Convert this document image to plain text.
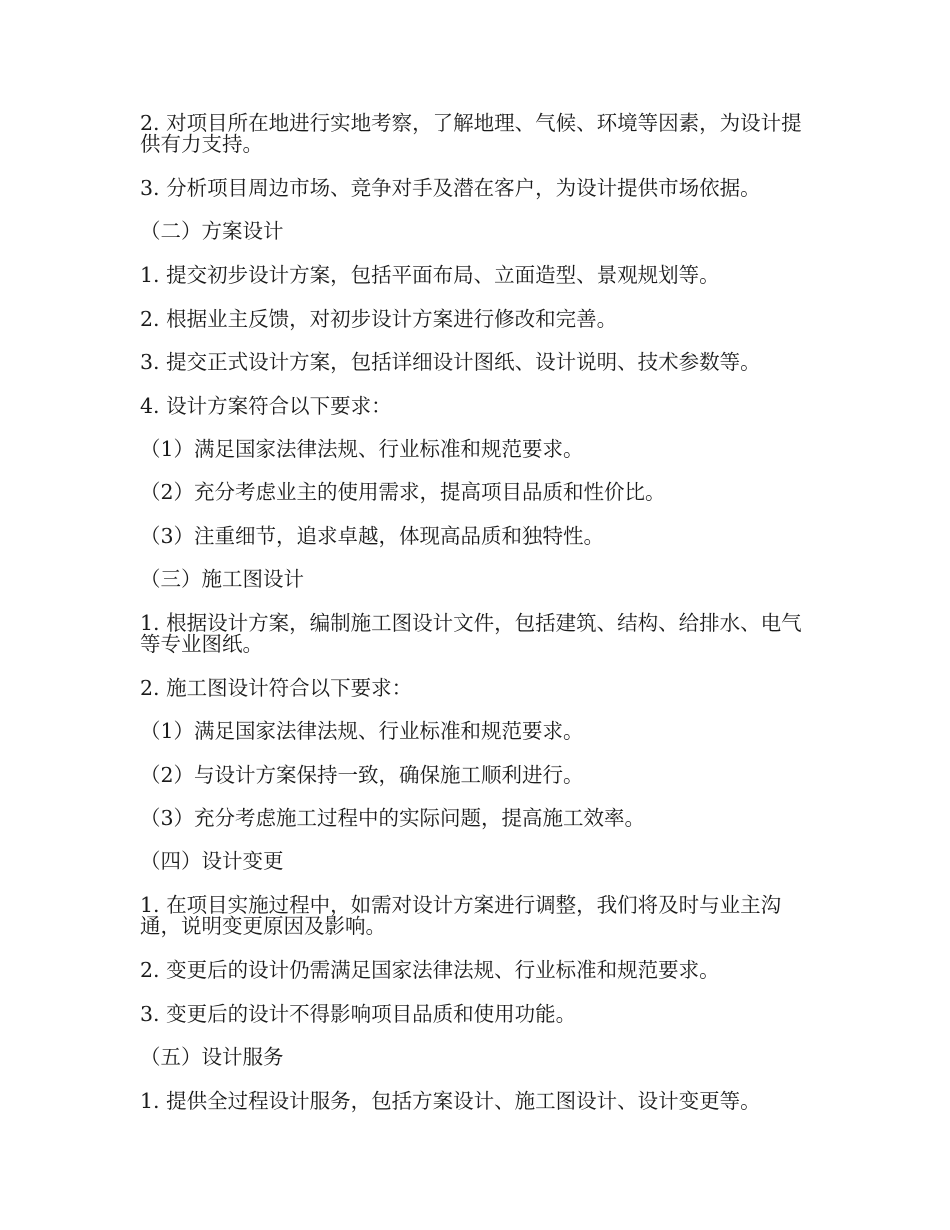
2. 对项目所在地进行实地考察，了解地理、气候、环境等因素，为设计提供有力支持。

3. 分析项目周边市场、竞争对手及潜在客户，为设计提供市场依据。

（二）方案设计

1. 提交初步设计方案，包括平面布局、立面造型、景观规划等。

2. 根据业主反馈，对初步设计方案进行修改和完善。

3. 提交正式设计方案，包括详细设计图纸、设计说明、技术参数等。

4. 设计方案符合以下要求：

（1）满足国家法律法规、行业标准和规范要求。

（2）充分考虑业主的使用需求，提高项目品质和性价比。

（3）注重细节，追求卓越，体现高品质和独特性。

（三）施工图设计

1. 根据设计方案，编制施工图设计文件，包括建筑、结构、给排水、电气等专业图纸。

2. 施工图设计符合以下要求：

（1）满足国家法律法规、行业标准和规范要求。

（2）与设计方案保持一致，确保施工顺利进行。

（3）充分考虑施工过程中的实际问题，提高施工效率。

（四）设计变更

1. 在项目实施过程中，如需对设计方案进行调整，我们将及时与业主沟通，说明变更原因及影响。

2. 变更后的设计仍需满足国家法律法规、行业标准和规范要求。

3. 变更后的设计不得影响项目品质和使用功能。

（五）设计服务

1. 提供全过程设计服务，包括方案设计、施工图设计、设计变更等。
